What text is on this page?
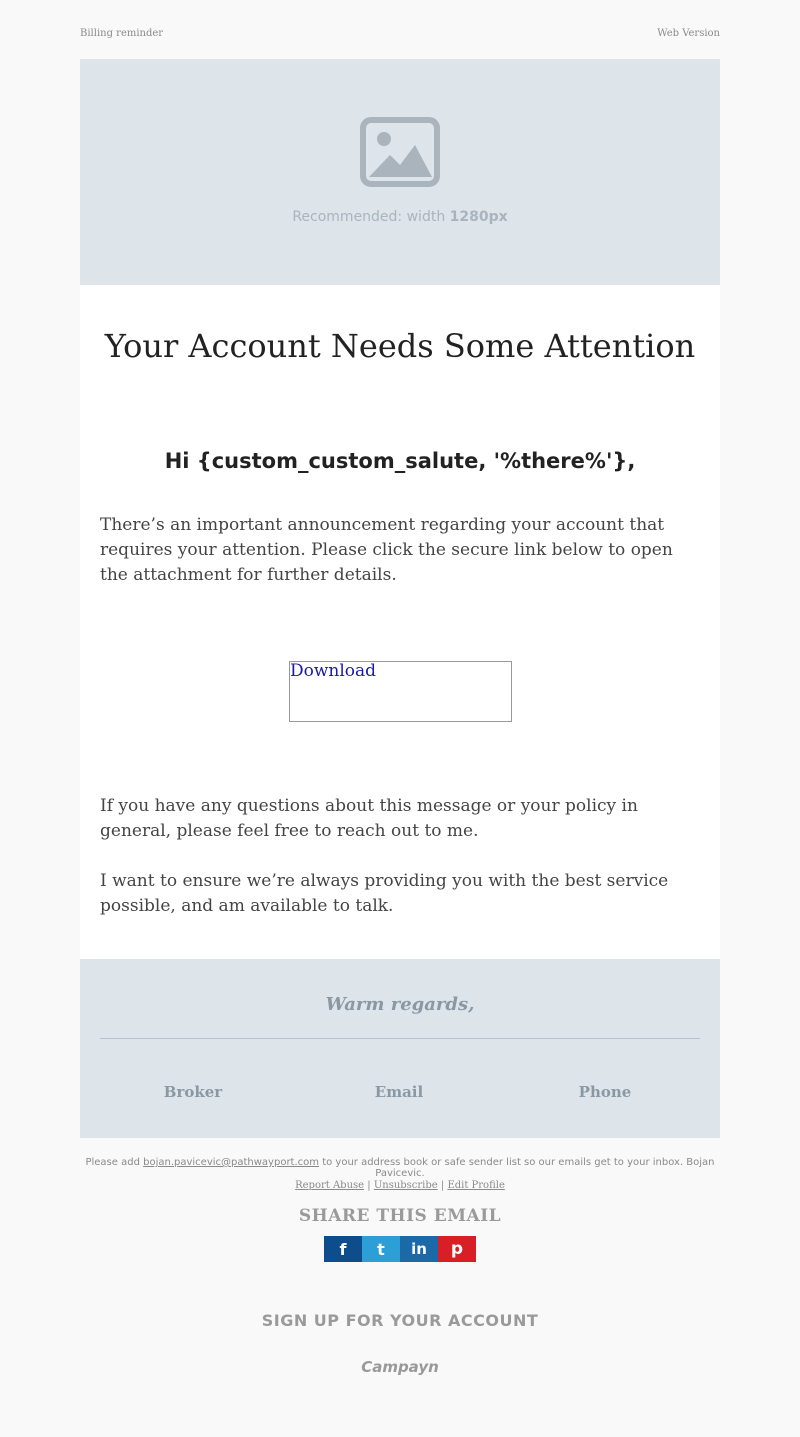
Billing reminder	Web Version
Recommended: width 1280px
Your Account Needs Some Attention
Hi {custom_custom_salute, '%there%'},

There’s an important announcement regarding your account that requires your attention. Please click the secure link below to open the attachment for further details.

Download

If you have any questions about this message or your policy in general, please feel free to reach out to me.

I want to ensure we’re always providing you with the best service possible, and am available to talk.

Warm regards,
Broker	Email	Phone
Please add bojan.pavicevic@pathwayport.com to your address book or safe sender list so our emails get to your inbox. Bojan Pavicevic.
Report Abuse | Unsubscribe | Edit Profile
SHARE THIS EMAIL
f t in p
SIGN UP FOR YOUR ACCOUNT
Campayn
